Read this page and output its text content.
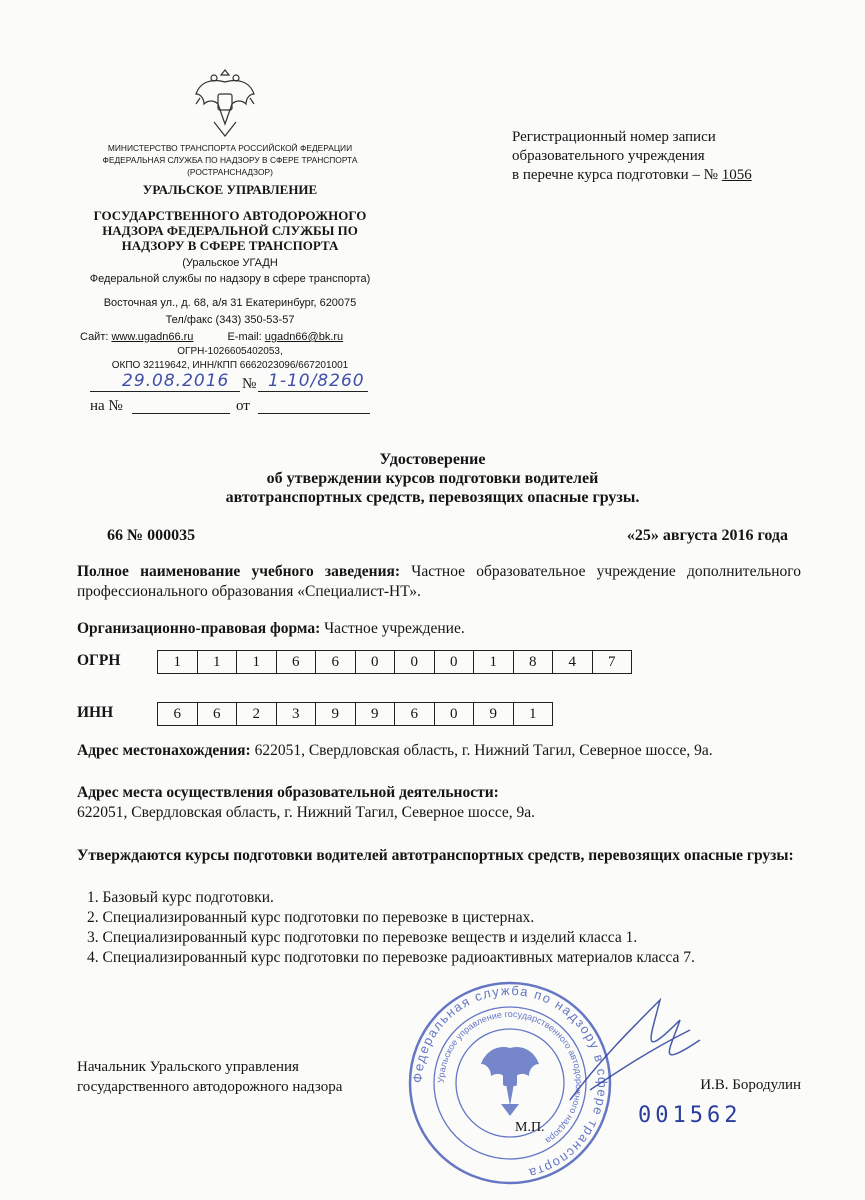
МИНИСТЕРСТВО ТРАНСПОРТА РОССИЙСКОЙ ФЕДЕРАЦИИ
ФЕДЕРАЛЬНАЯ СЛУЖБА ПО НАДЗОРУ В СФЕРЕ ТРАНСПОРТА
(РОСТРАНСНАДЗОР)
УРАЛЬСКОЕ УПРАВЛЕНИЕ
ГОСУДАРСТВЕННОГО АВТОДОРОЖНОГО
НАДЗОРА ФЕДЕРАЛЬНОЙ СЛУЖБЫ ПО
НАДЗОРУ В СФЕРЕ ТРАНСПОРТА
(Уральское УГАДН
Федеральной службы по надзору в сфере транспорта)
Восточная ул., д. 68, а/я 31 Екатеринбург, 620075
Тел/факс (343) 350-53-57
Сайт: www.ugadn66.ru	E-mail: ugadn66@bk.ru
ОГРН-1026605402053,
ОКПО 32119642, ИНН/КПП 6662023096/667201001
29.08.2016 № 1-10/8260
на №	от
Регистрационный номер записи
образовательного учреждения
в перечне курса подготовки – № 1056
Удостоверение
об утверждении курсов подготовки водителей
автотранспортных средств, перевозящих опасные грузы.
66 № 000035	«25» августа 2016 года
Полное наименование учебного заведения: Частное образовательное учреждение дополнительного профессионального образования «Специалист-НТ».
Организационно-правовая форма: Частное учреждение.
ОГРН	1	1	1	6	6	0	0	0	1	8	4	7
ИНН	6	6	2	3	9	9	6	0	9	1
Адрес местонахождения: 622051, Свердловская область, г. Нижний Тагил, Северное шоссе, 9а.
Адрес места осуществления образовательной деятельности:
622051, Свердловская область, г. Нижний Тагил, Северное шоссе, 9а.
Утверждаются курсы подготовки водителей автотранспортных средств, перевозящих опасные грузы:
1. Базовый курс подготовки.
2. Специализированный курс подготовки по перевозке в цистернах.
3. Специализированный курс подготовки по перевозке веществ и изделий класса 1.
4. Специализированный курс подготовки по перевозке радиоактивных материалов класса 7.
Федеральная служба по надзору в сфере транспорта
Уральское управление государственного автодорожного надзора
Начальник Уральского управления
государственного автодорожного надзора	И.В. Бородулин
М.П.	001562
